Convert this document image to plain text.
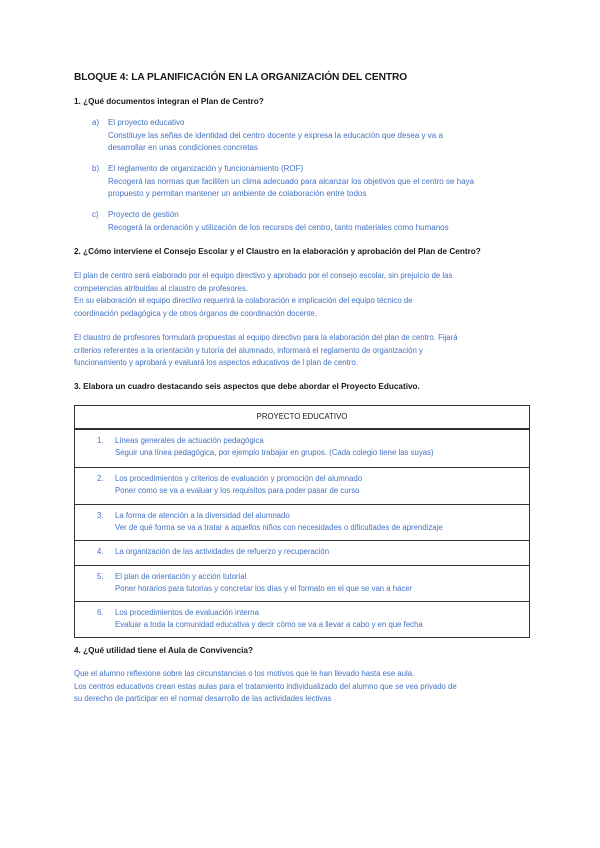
BLOQUE 4: LA PLANIFICACIÓN EN LA ORGANIZACIÓN DEL CENTRO
1. ¿Qué documentos integran el Plan de Centro?
a) El proyecto educativo
Constituye las señas de identidad del centro docente y expresa la educación que desea y va a
desarrollar en unas condiciones concretas
b) El reglamento de organización y funcionamiento (ROF)
Recogerá las normas que faciliten un clima adecuado para alcanzar los objetivos que el centro se haya
propuesto y permitan mantener un ambiente de colaboración entre todos
c) Proyecto de gestión
Recogerá la ordenación y utilización de los recursos del centro, tanto materiales como humanos
2. ¿Cómo interviene el Consejo Escolar y el Claustro en la elaboración y aprobación del Plan de Centro?
El plan de centro será elaborado por el equipo directivo y aprobado por el consejo escolar, sin prejuicio de las
competencias atribuidas al claustro de profesores.
En su elaboración el equipo directivo requerirá la colaboración e implicación del equipo técnico de
coordinación pedagógica y de otros órganos de coordinación docente.
El claustro de profesores formulará propuestas al equipo directivo para la elaboración del plan de centro. Fijará
criterios referentes a la orientación y tutoría del alumnado, informará el reglamento de organización y
funcionamiento y aprobará y evaluará los aspectos educativos de l plan de centro.
3. Elabora un cuadro destacando seis aspectos que debe abordar el Proyecto Educativo.
PROYECTO EDUCATIVO
1. Líneas generales de actuación pedagógica
Seguir una línea pedagógica, por ejemplo trabajar en grupos. (Cada colegio tiene las suyas)
2. Los procedimientos y criterios de evaluación y promoción del alumnado
Poner como se va a evaluar y los requisitos para poder pasar de curso
3. La forma de atención a la diversidad del alumnado
Ver de qué forma se va a tratar a aquellos niños con necesidades o dificultades de aprendizaje
4. La organización de las actividades de refuerzo y recuperación
5. El plan de orientación y acción tutorial
Poner horarios para tutorías y concretar los días y el formato en el que se van a hacer
6. Los procedimientos de evaluación interna
Evaluar a toda la comunidad educativa y decir cómo se va a llevar a cabo y en que fecha
4. ¿Qué utilidad tiene el Aula de Convivencia?
Que el alumno reflexione sobre las circunstancias o los motivos que le han llevado hasta ese aula.
Los centros educativos crean estas aulas para el tratamiento individualizado del alumno que se vea privado de
su derecho de participar en el normal desarrollo de las actividades lectivas
